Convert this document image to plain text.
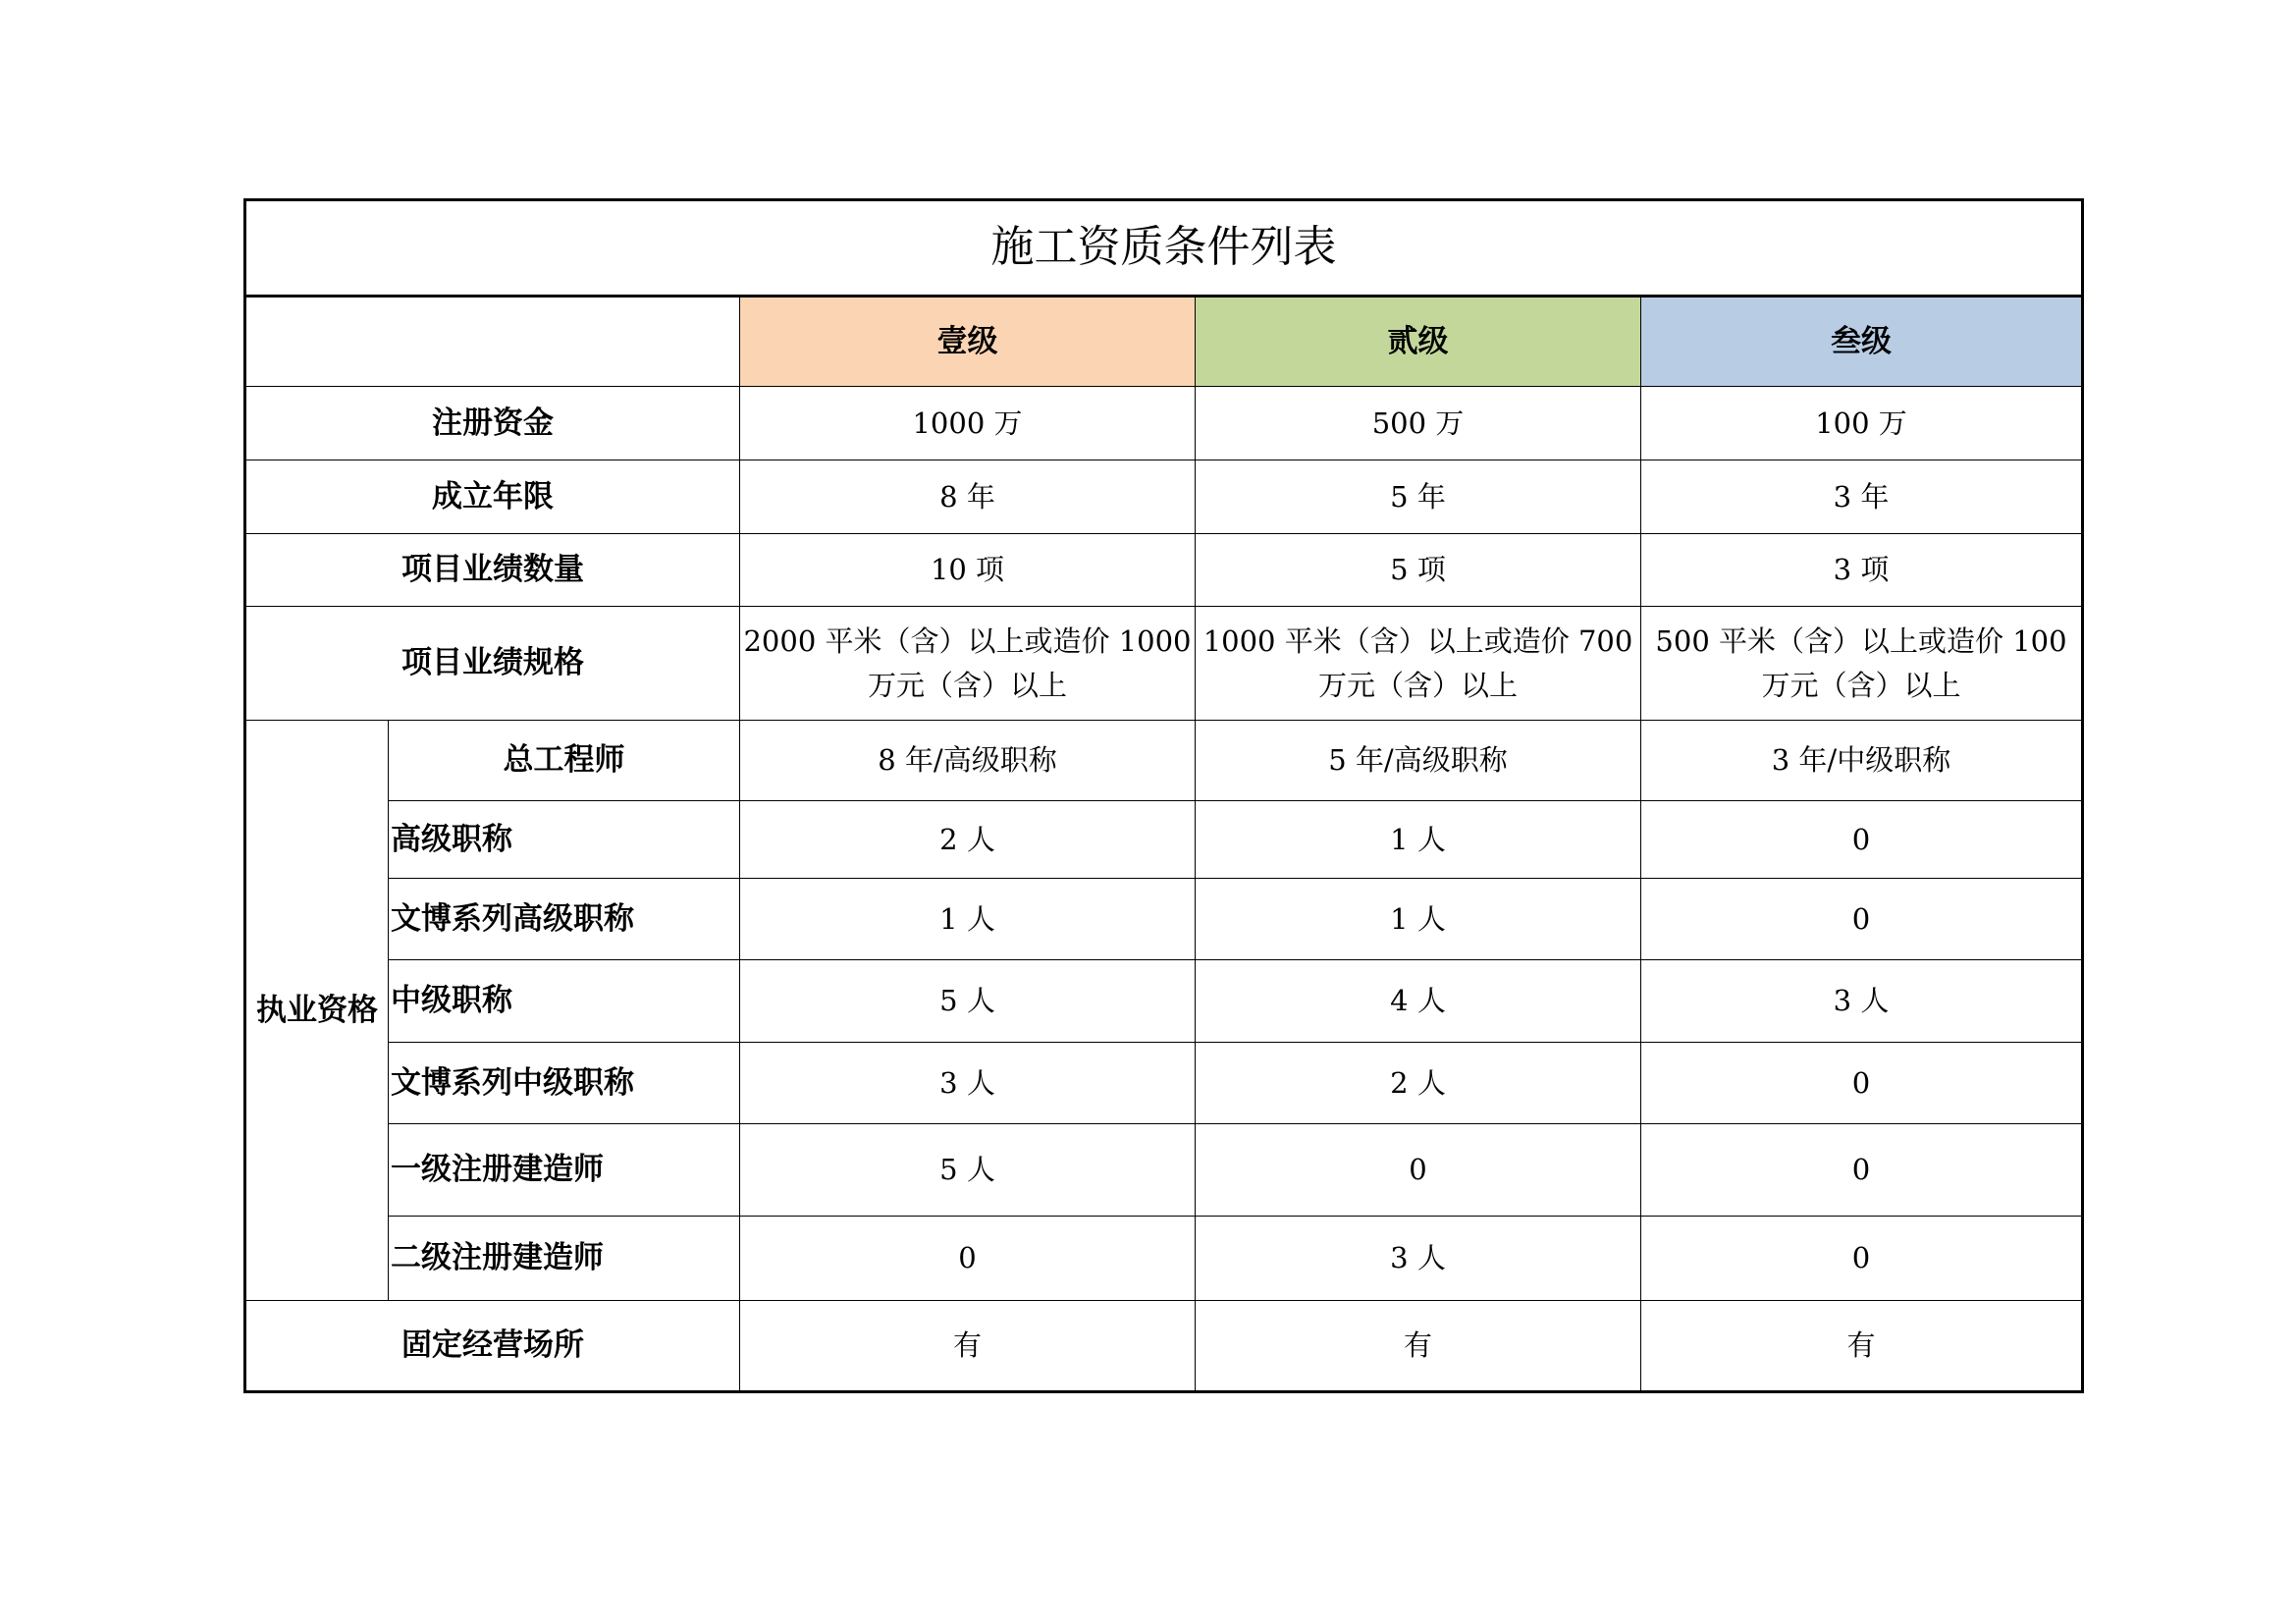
施工资质条件列表				
		壹级	贰级	叁级
注册资金		1000 万	500 万	100 万
成立年限		8 年	5 年	3 年
项目业绩数量		10 项	5 项	3 项
项目业绩规格		2000 平米（含）以上或造价 1000 万元（含）以上	1000 平米（含）以上或造价 700 万元（含）以上	500 平米（含）以上或造价 100 万元（含）以上
执业资格	总工程师	8 年/高级职称	5 年/高级职称	3 年/中级职称
	高级职称	2 人	1 人	0
	文博系列高级职称	1 人	1 人	0
	中级职称	5 人	4 人	3 人
	文博系列中级职称	3 人	2 人	0
	一级注册建造师	5 人	0	0
	二级注册建造师	0	3 人	0
固定经营场所		有	有	有
